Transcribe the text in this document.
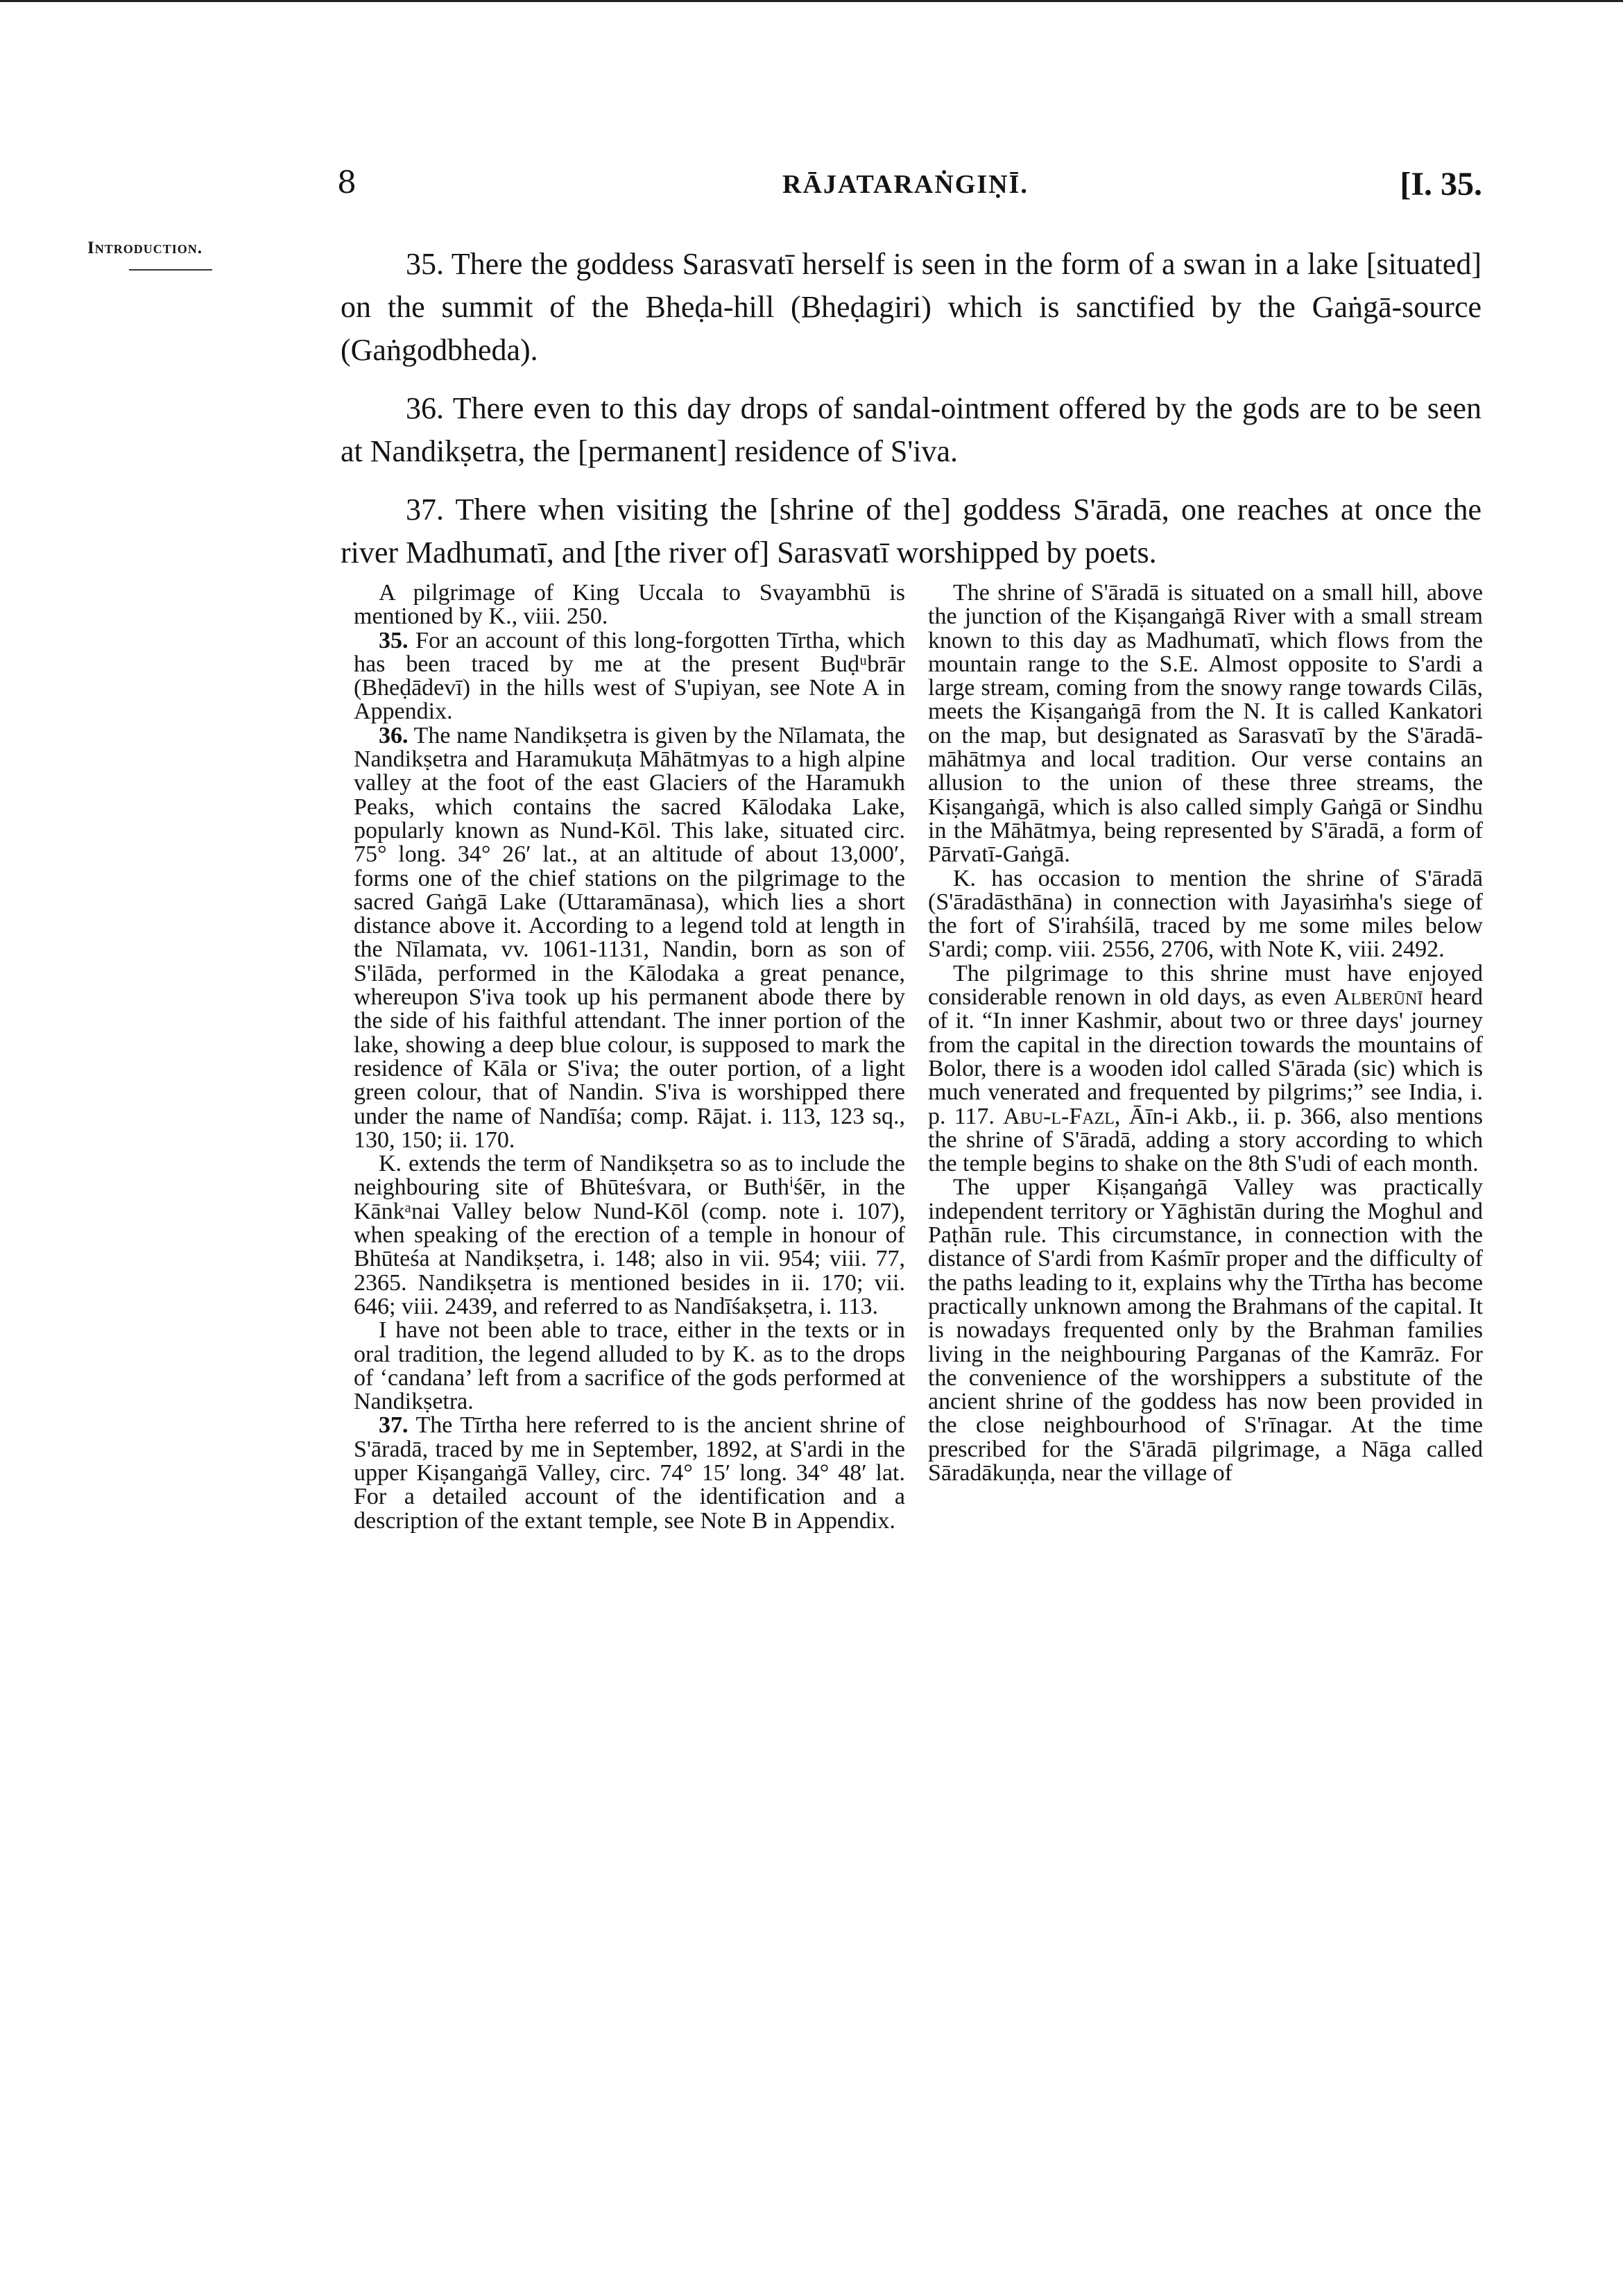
8	RĀJATARAṄGIṆĪ.	[I. 35.
Introduction.	35. There the goddess Sarasvatī herself is seen in the form of a swan in a lake [situated] on the summit of the Bheḍa-hill (Bheḍagiri) which is sanctified by the Gaṅgā-source (Gaṅgodbheda).

36. There even to this day drops of sandal-ointment offered by the gods are to be seen at Nandikṣetra, the [permanent] residence of S'iva.

37. There when visiting the [shrine of the] goddess S'āradā, one reaches at once the river Madhumatī, and [the river of] Sarasvatī worshipped by poets.

A pilgrimage of King Uccala to Svayambhū is mentioned by K., viii. 250.

35. For an account of this long-forgotten Tīrtha, which has been traced by me at the present Buḍᵘbrār (Bheḍādevī) in the hills west of S'upiyan, see Note A in Appendix.

36. The name Nandikṣetra is given by the Nīlamata, the Nandikṣetra and Haramukuṭa Māhātmyas to a high alpine valley at the foot of the east Glaciers of the Haramukh Peaks, which contains the sacred Kālodaka Lake, popularly known as Nund-Kōl. This lake, situated circ. 75° long. 34° 26′ lat., at an altitude of about 13,000′, forms one of the chief stations on the pilgrimage to the sacred Gaṅgā Lake (Uttaramānasa), which lies a short distance above it. According to a legend told at length in the Nīlamata, vv. 1061-1131, Nandin, born as son of S'ilāda, performed in the Kālodaka a great penance, whereupon S'iva took up his permanent abode there by the side of his faithful attendant. The inner portion of the lake, showing a deep blue colour, is supposed to mark the residence of Kāla or S'iva; the outer portion, of a light green colour, that of Nandin. S'iva is worshipped there under the name of Nandīśa; comp. Rājat. i. 113, 123 sq., 130, 150; ii. 170.

K. extends the term of Nandikṣetra so as to include the neighbouring site of Bhūteśvara, or Buthⁱśēr, in the Kānkᵃnai Valley below Nund-Kōl (comp. note i. 107), when speaking of the erection of a temple in honour of Bhūteśa at Nandikṣetra, i. 148; also in vii. 954; viii. 77, 2365. Nandikṣetra is mentioned besides in ii. 170; vii. 646; viii. 2439, and referred to as Nandīśakṣetra, i. 113.

I have not been able to trace, either in the texts or in oral tradition, the legend alluded to by K. as to the drops of ‘candana’ left from a sacrifice of the gods performed at Nandikṣetra.

37. The Tīrtha here referred to is the ancient shrine of S'āradā, traced by me in September, 1892, at S'ardi in the upper Kiṣangaṅgā Valley, circ. 74° 15′ long. 34° 48′ lat. For a detailed account of the identification and a description of the extant temple, see Note B in Appendix.

The shrine of S'āradā is situated on a small hill, above the junction of the Kiṣangaṅgā River with a small stream known to this day as Madhumatī, which flows from the mountain range to the S.E. Almost opposite to S'ardi a large stream, coming from the snowy range towards Cilās, meets the Kiṣangaṅgā from the N. It is called Kankatori on the map, but designated as Sarasvatī by the S'āradā-māhātmya and local tradition. Our verse contains an allusion to the union of these three streams, the Kiṣangaṅgā, which is also called simply Gaṅgā or Sindhu in the Māhātmya, being represented by S'āradā, a form of Pārvatī-Gaṅgā.

K. has occasion to mention the shrine of S'āradā (S'āradāsthāna) in connection with Jayasiṁha's siege of the fort of S'irahśilā, traced by me some miles below S'ardi; comp. viii. 2556, 2706, with Note K, viii. 2492.

The pilgrimage to this shrine must have enjoyed considerable renown in old days, as even Alberūnī heard of it. “In inner Kashmir, about two or three days' journey from the capital in the direction towards the mountains of Bolor, there is a wooden idol called S'ārada (sic) which is much venerated and frequented by pilgrims;” see India, i. p. 117. Abu-l-Fazl, Āīn-i Akb., ii. p. 366, also mentions the shrine of S'āradā, adding a story according to which the temple begins to shake on the 8th S'udi of each month.

The upper Kiṣangaṅgā Valley was practically independent territory or Yāghistān during the Moghul and Paṭhān rule. This circumstance, in connection with the distance of S'ardi from Kaśmīr proper and the difficulty of the paths leading to it, explains why the Tīrtha has become practically unknown among the Brahmans of the capital. It is nowadays frequented only by the Brahman families living in the neighbouring Parganas of the Kamrāz. For the convenience of the worshippers a substitute of the ancient shrine of the goddess has now been provided in the close neighbourhood of S'rīnagar. At the time prescribed for the S'āradā pilgrimage, a Nāga called Sāradākuṇḍa, near the village of
